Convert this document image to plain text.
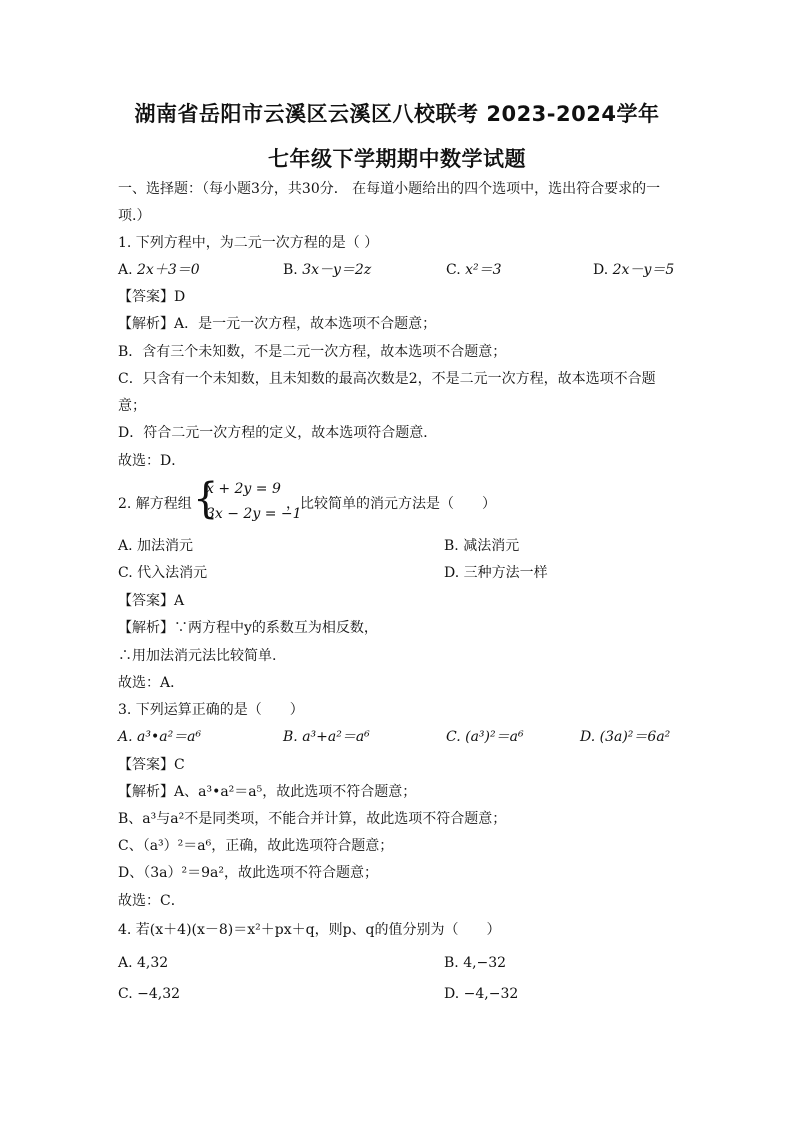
湖南省岳阳市云溪区云溪区八校联考 2023-2024学年
七年级下学期期中数学试题
一、选择题：（每小题3分，共30分． 在每道小题给出的四个选项中，选出符合要求的一
项.）
1. 下列方程中，为二元一次方程的是（ ）
A. 2x＋3＝0	B. 3x－y＝2z	C. x²＝3	D. 2x－y＝5
【答案】D
【解析】A．是一元一次方程，故本选项不合题意；
B．含有三个未知数，不是二元一次方程，故本选项不合题意；
C．只含有一个未知数，且未知数的最高次数是2，不是二元一次方程，故本选项不合题
意；
D．符合二元一次方程的定义，故本选项符合题意．
故选：D．
2. 解方程组 {
x + 2y = 9
3x − 2y = −1
，比较简单的消元方法是（　　）
A. 加法消元	B. 减法消元
C. 代入法消元	D. 三种方法一样
【答案】A
【解析】∵两方程中y的系数互为相反数，
∴用加法消元法比较简单.
故选：A．
3. 下列运算正确的是（　　）
A. a³•a²＝a⁶	B. a³+a²＝a⁶	C. (a³)²＝a⁶	D. (3a)²＝6a²
【答案】C
【解析】A、a³•a²＝a⁵，故此选项不符合题意；
B、a³与a²不是同类项，不能合并计算，故此选项不符合题意；
C、（a³）²＝a⁶，正确，故此选项符合题意；
D、（3a）²＝9a²，故此选项不符合题意；
故选：C．
4. 若(x＋4)(x－8)＝x²＋px＋q，则p、q的值分别为（　　）
A. 4,32	B. 4,−32
C. −4,32	D. −4,−32
